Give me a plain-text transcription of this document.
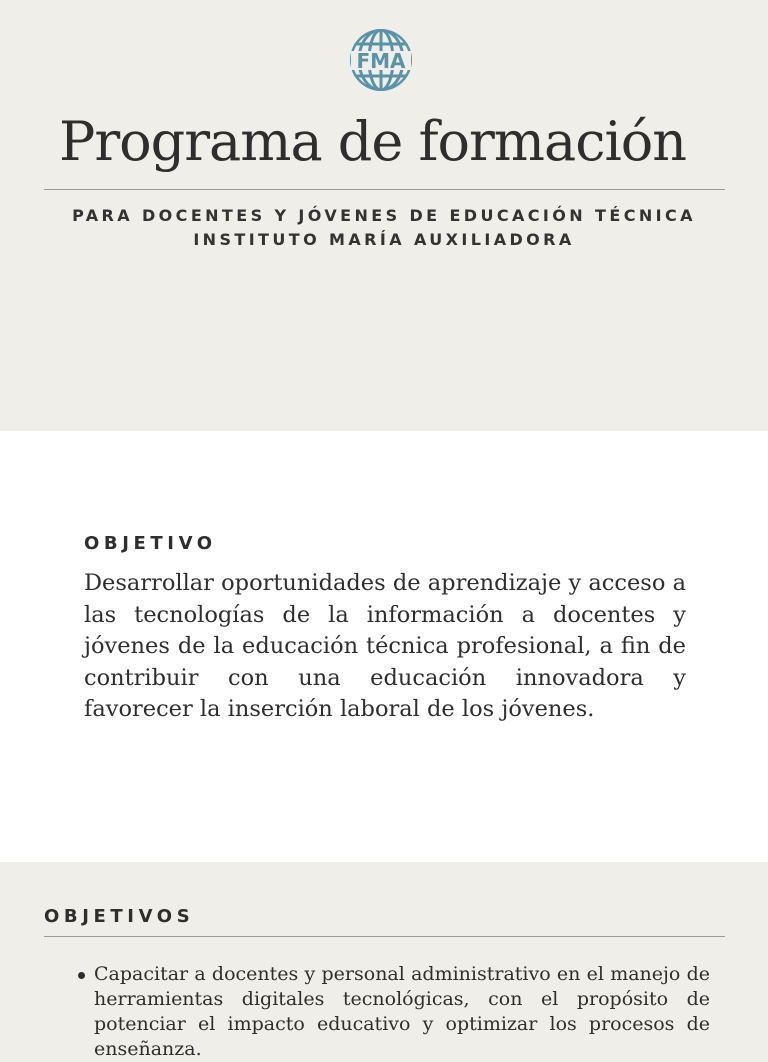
FMA
Programa de formación
PARA DOCENTES Y JÓVENES DE EDUCACIÓN TÉCNICA
INSTITUTO MARÍA AUXILIADORA
OBJETIVO

Desarrollar oportunidades de aprendizaje y acceso a las tecnologías de la información a docentes y jóvenes de la educación técnica profesional, a fin de contribuir con una educación innovadora y favorecer la inserción laboral de los jóvenes.

OBJETIVOS
Capacitar a docentes y personal administrativo en el manejo de herramientas digitales tecnológicas, con el propósito de potenciar el impacto educativo y optimizar los procesos de enseñanza.
